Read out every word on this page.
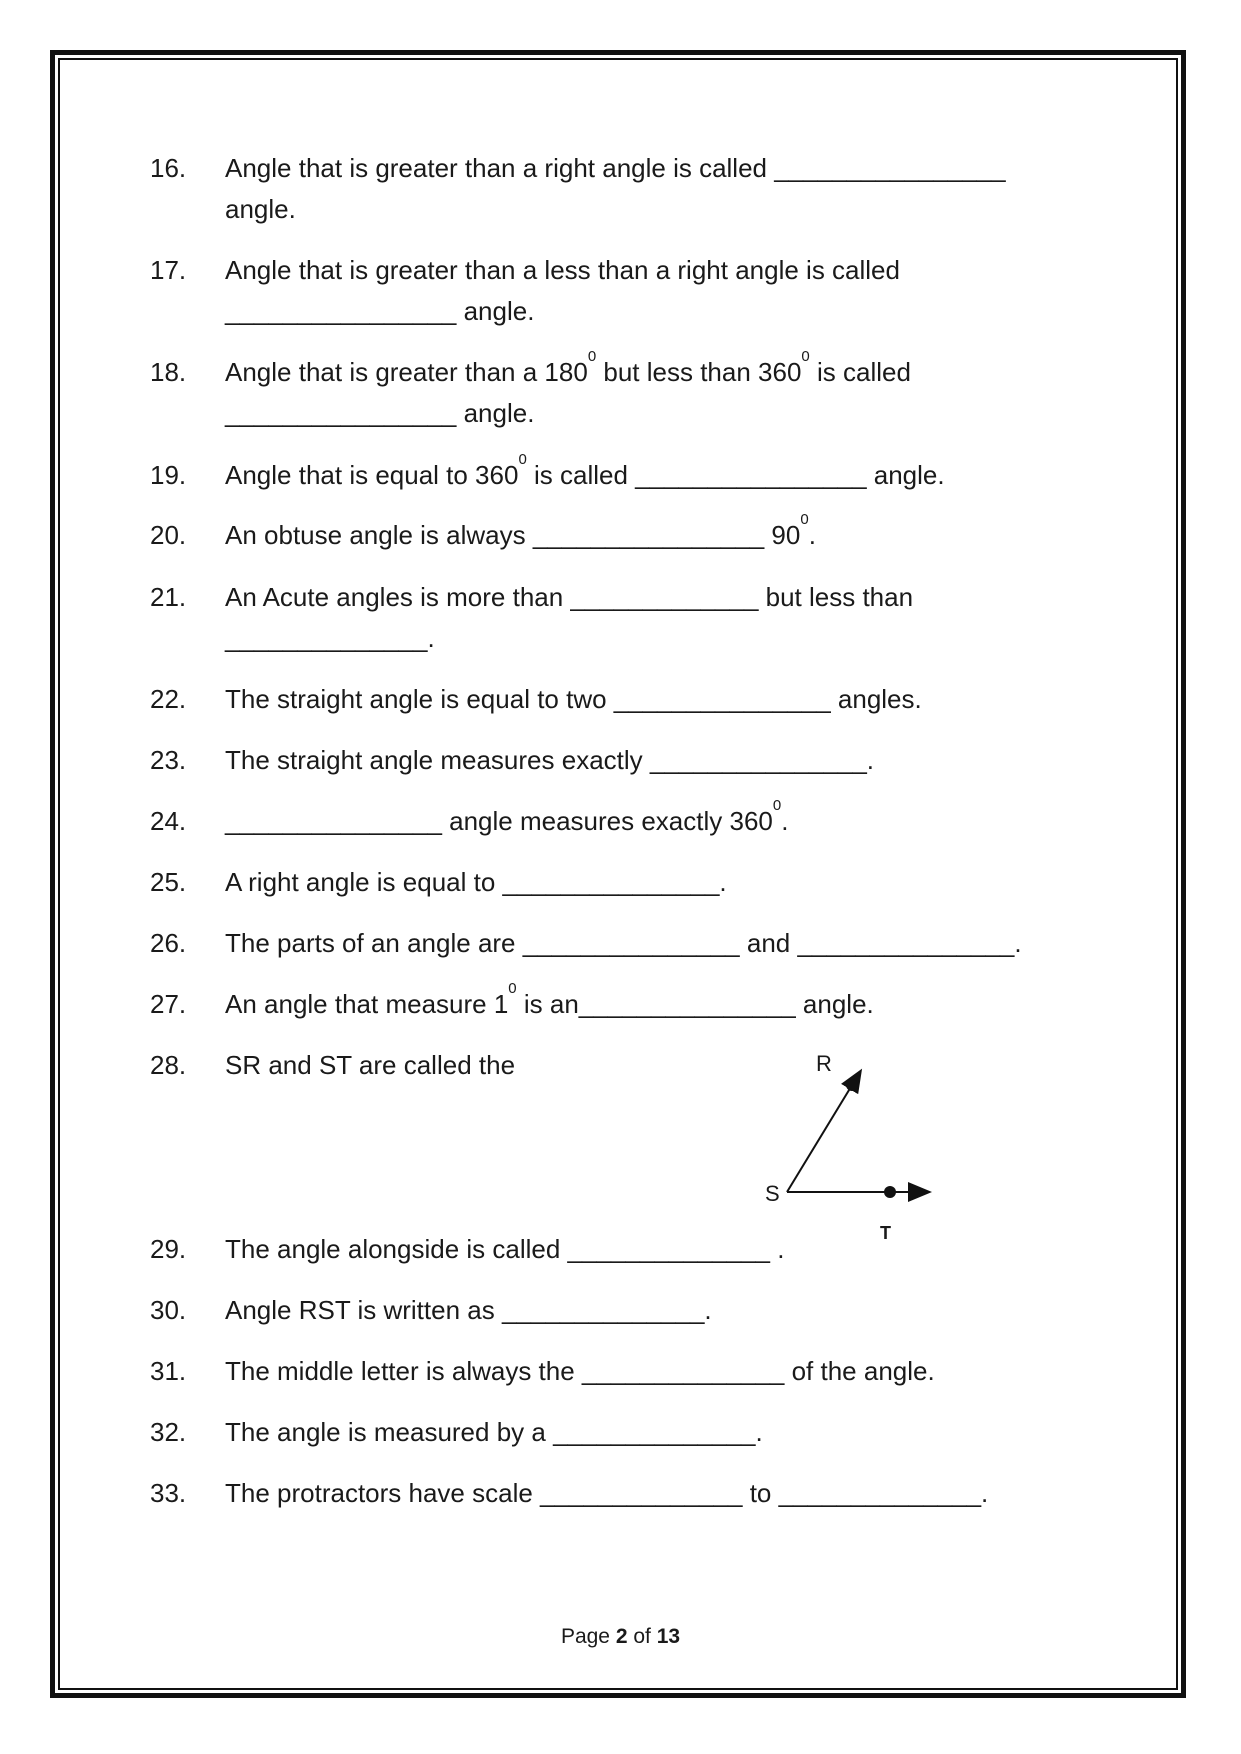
16.	Angle that is greater than a right angle is called ________________
angle.
17.	Angle that is greater than a less than a right angle is called
________________ angle.
18.	Angle that is greater than a $180^0$ but less than $360^0$ is called
________________ angle.
19.	Angle that is equal to $360^0$ is called ________________ angle.
20.	An obtuse angle is always ________________ $90^0$.
21.	An Acute angles is more than _____________ but less than
______________.
22.	The straight angle is equal to two _______________ angles.
23.	The straight angle measures exactly _______________.
24.	_______________ angle measures exactly $360^0$.
25.	A right angle is equal to _______________.
26.	The parts of an angle are _______________ and _______________.
27.	An angle that measure $1^0$ is an_______________ angle.
28.	SR and ST are called the
29.	The angle alongside is called ______________ .
30.	Angle RST is written as ______________.
31.	The middle letter is always the ______________ of the angle.
32.	The angle is measured by a ______________.
33.	The protractors have scale ______________ to ______________.
R
S
T
Page 2 of 13
